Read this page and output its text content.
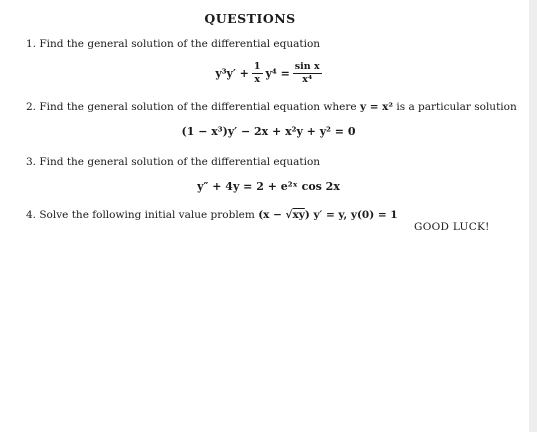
QUESTIONS
1. Find the general solution of the differential equation
$y^3y' + \frac{1}{x} y^4 = \frac{\text{sin x}}{\text{x⁴}}$
2. Find the general solution of the differential equation where y = x² is a particular solution
(1 − x³)y′ − 2x + x²y + y² = 0
3. Find the general solution of the differential equation
y″ + 4y = 2 + e²ˣ cos 2x
4. Solve the following initial value problem (x − √xy) y′ = y, y(0) = 1
GOOD LUCK!
